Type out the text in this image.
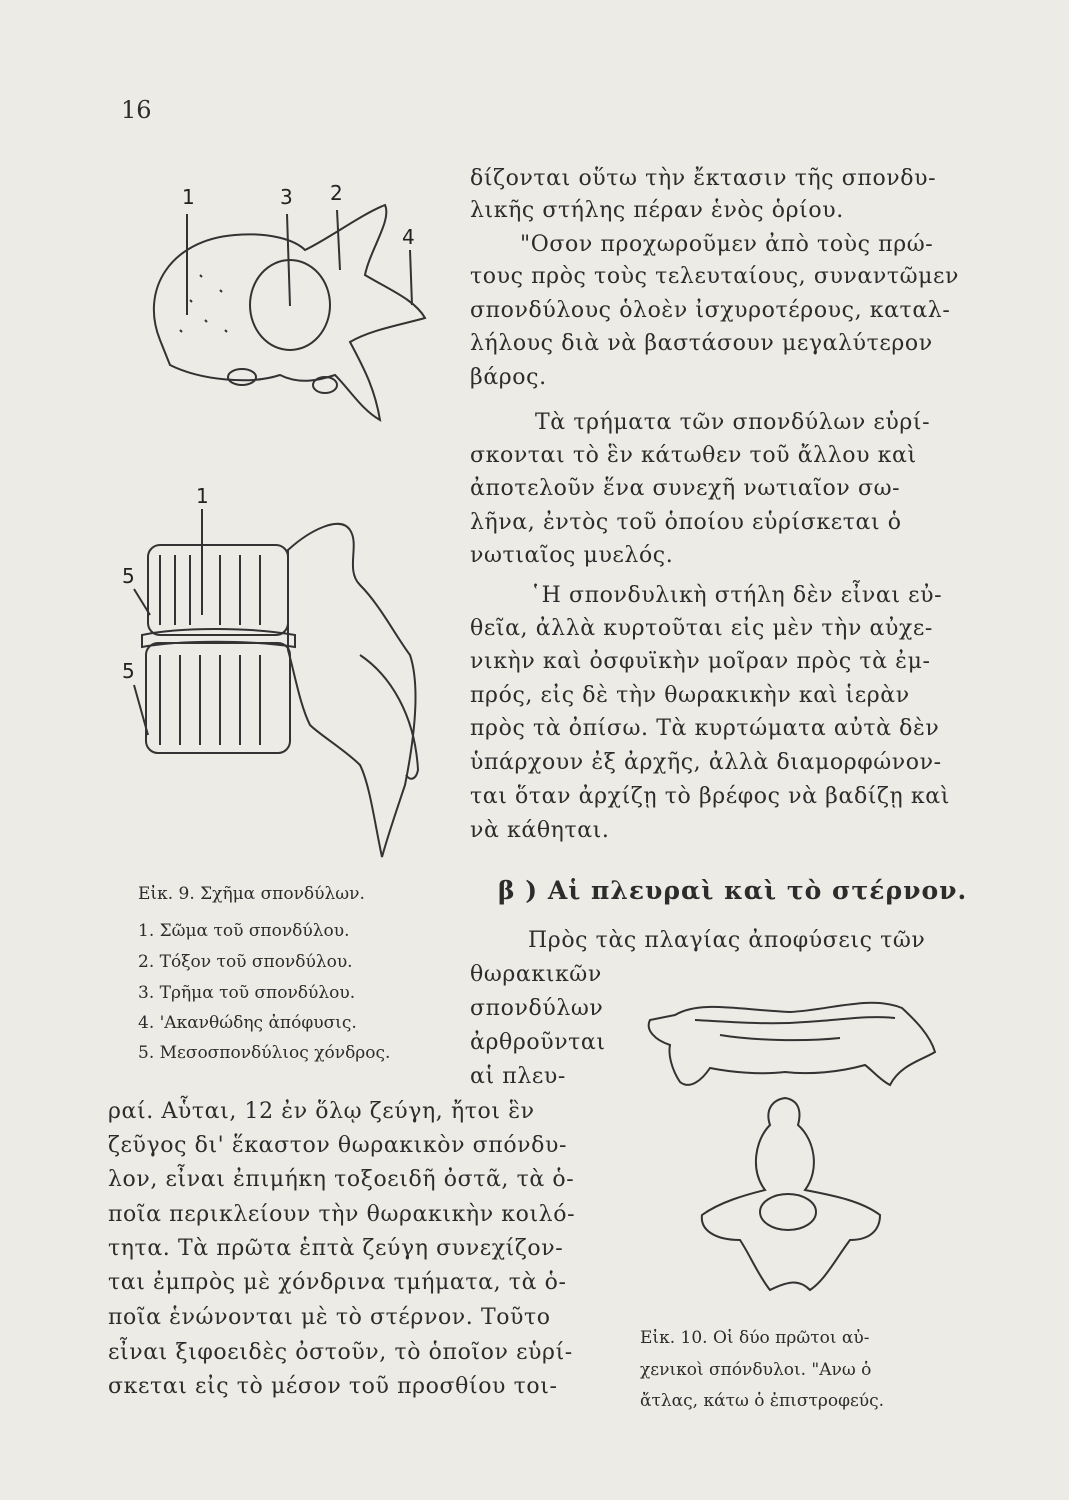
16
1	3 2
4
1
5
5
Εἰκ. 9. Σχῆμα σπονδύλων.
1. Σῶμα τοῦ σπονδύλου.
2. Τόξον τοῦ σπονδύλου.
3. Τρῆμα τοῦ σπονδύλου.
4. 'Ακανθώδης ἀπόφυσις.
5. Μεσοσπονδύλιος χόνδρος.
δίζονται οὕτω τὴν ἔκτασιν τῆς σπονδυ-
λικῆς στήλης πέραν ἑνὸς ὁρίου.
"Οσον προχωροῦμεν ἀπὸ τοὺς πρώ-
τους πρὸς τοὺς τελευταίους, συναντῶμεν
σπονδύλους ὁλοὲν ἰσχυροτέρους, καταλ-
λήλους διὰ νὰ βαστάσουν μεγαλύτερον
βάρος.
Τὰ τρήματα τῶν σπονδύλων εὑρί-
σκονται τὸ ἓν κάτωθεν τοῦ ἄλλου καὶ
ἀποτελοῦν ἕνα συνεχῆ νωτιαῖον σω-
λῆνα, ἐντὸς τοῦ ὁποίου εὑρίσκεται ὁ
νωτιαῖος μυελός.
῾Η σπονδυλικὴ στήλη δὲν εἶναι εὐ-
θεῖα, ἀλλὰ κυρτοῦται εἰς μὲν τὴν αὐχε-
νικὴν καὶ ὀσφυϊκὴν μοῖραν πρὸς τὰ ἐμ-
πρός, εἰς δὲ τὴν θωρακικὴν καὶ ἱερὰν
πρὸς τὰ ὀπίσω. Τὰ κυρτώματα αὐτὰ δὲν
ὑπάρχουν ἐξ ἀρχῆς, ἀλλὰ διαμορφώνον-
ται ὅταν ἀρχίζῃ τὸ βρέφος νὰ βαδίζῃ καὶ
νὰ κάθηται.
β ) Αἱ πλευραὶ καὶ τὸ στέρνον.
Πρὸς τὰς πλαγίας ἀποφύσεις τῶν
θωρακικῶν
σπονδύλων
ἀρθροῦνται
αἱ πλευ-
ραί. Αὗται, 12 ἐν ὅλῳ ζεύγη, ἤτοι ἓν
ζεῦγος δι' ἕκαστον θωρακικὸν σπόνδυ-
λον, εἶναι ἐπιμήκη τοξοειδῆ ὀστᾶ, τὰ ὁ-
ποῖα περικλείουν τὴν θωρακικὴν κοιλό-
τητα. Τὰ πρῶτα ἑπτὰ ζεύγη συνεχίζον-
ται ἐμπρὸς μὲ χόνδρινα τμήματα, τὰ ὁ-
ποῖα ἑνώνονται μὲ τὸ στέρνον. Τοῦτο
εἶναι ξιφοειδὲς ὀστοῦν, τὸ ὁποῖον εὑρί-
σκεται εἰς τὸ μέσον τοῦ προσθίου τοι-
Εἰκ. 10. Οἱ δύο πρῶτοι αὐ-
χενικοὶ σπόνδυλοι. "Ανω ὁ
ἄτλας, κάτω ὁ ἐπιστροφεύς.
